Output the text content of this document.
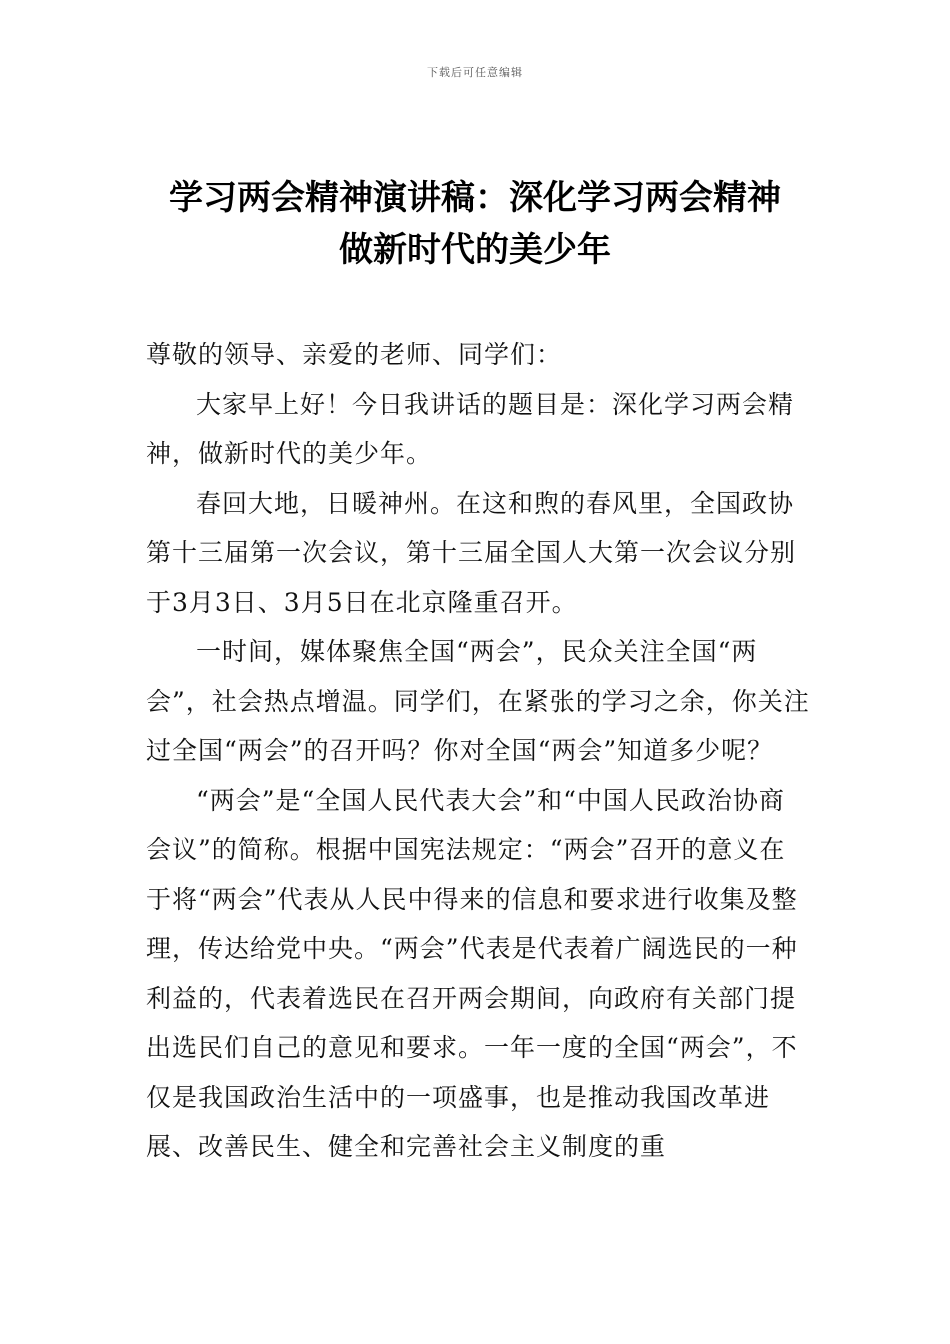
下载后可任意编辑
学习两会精神演讲稿：深化学习两会精神
做新时代的美少年

尊敬的领导、亲爱的老师、同学们：

大家早上好！今日我讲话的题目是：深化学习两会精神，做新时代的美少年。

春回大地，日暖神州。在这和煦的春风里，全国政协第十三届第一次会议，第十三届全国人大第一次会议分别于3月3日、3月5日在北京隆重召开。

一时间，媒体聚焦全国“两会”，民众关注全国“两会”，社会热点增温。同学们，在紧张的学习之余，你关注过全国“两会”的召开吗？你对全国“两会”知道多少呢？

“两会”是“全国人民代表大会”和“中国人民政治协商会议”的简称。根据中国宪法规定：“两会”召开的意义在于将“两会”代表从人民中得来的信息和要求进行收集及整理，传达给党中央。“两会”代表是代表着广阔选民的一种利益的，代表着选民在召开两会期间，向政府有关部门提出选民们自己的意见和要求。一年一度的全国“两会”，不仅是我国政治生活中的一项盛事，也是推动我国改革进展、改善民生、健全和完善社会主义制度的重
